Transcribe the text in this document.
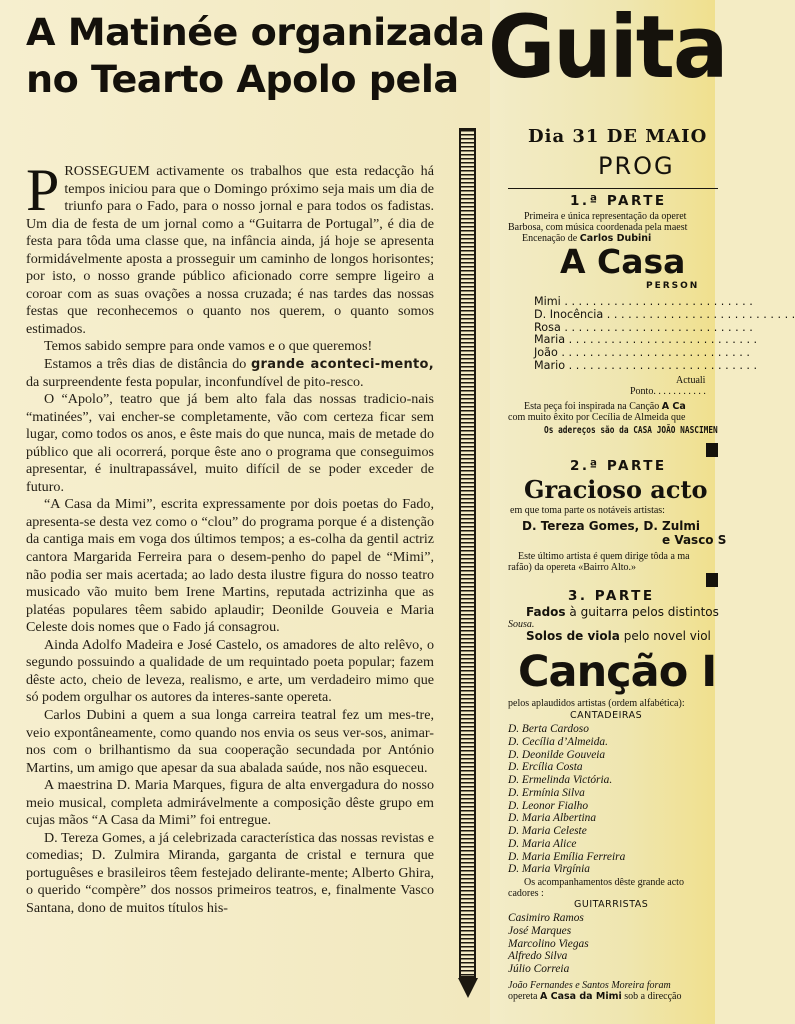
A Matinée organizada
no Tearto Apolo pela

PROSSEGUEM activamente os trabalhos que esta redacção há tempos iniciou para que o Domingo próximo seja mais um dia de triunfo para o Fado, para o nosso jornal e para todos os fadistas. Um dia de festa de um jornal como a “Guitarra de Portugal”, é dia de festa para tôda uma classe que, na infância ainda, já hoje se apresenta formidávelmente aposta a prosseguir um caminho de longos horisontes; por isto, o nosso grande público aficionado corre sempre ligeiro a coroar com as suas ovações a nossa cruzada; é nas tardes das nossas festas que reconhecemos o quanto nos querem, o quanto somos estimados.

Temos sabido sempre para onde vamos e o que queremos!

Estamos a três dias de distância do grande aconteci-mento, da surpreendente festa popular, inconfundível de pito-resco.

O “Apolo”, teatro que já bem alto fala das nossas tradicio-nais “matinées”, vai encher-se completamente, vão com certeza ficar sem lugar, como todos os anos, e êste mais do que nunca, mais de metade do público que ali ocorrerá, porque êste ano o programa que conseguimos apresentar, é inultrapassável, muito difícil de se poder exceder de futuro.

“A Casa da Mimi”, escrita expressamente por dois poetas do Fado, apresenta-se desta vez como o “clou” do programa porque é a distenção da cantiga mais em voga dos últimos tempos; a es-colha da gentil actriz cantora Margarida Ferreira para o desem-penho do papel de “Mimi”, não podia ser mais acertada; ao lado desta ilustre figura do nosso teatro musicado vão muito bem Irene Martins, reputada actrizinha que as platéas populares têem sabido aplaudir; Deonilde Gouveia e Maria Celeste dois nomes que o Fado já consagrou.

Ainda Adolfo Madeira e José Castelo, os amadores de alto relêvo, o segundo possuindo a qualidade de um requintado poeta popular; fazem dêste acto, cheio de leveza, realismo, e arte, um verdadeiro mimo que só podem orgulhar os autores da interes-sante opereta.

Carlos Dubini a quem a sua longa carreira teatral fez um mes-tre, veio expontâneamente, como quando nos envia os seus ver-sos, animar-nos com o brilhantismo da sua cooperação secundada por António Martins, um amigo que apesar da sua abalada saúde, nos não esqueceu.

A maestrina D. Maria Marques, figura de alta envergadura do nosso meio musical, completa admirávelmente a composição dêste grupo em cujas mãos “A Casa da Mimi” foi entregue.

D. Tereza Gomes, a já celebrizada característica das nossas revistas e comedias; D. Zulmira Miranda, garganta de cristal e ternura que portuguêses e brasileiros têem festejado delirante-mente; Alberto Ghira, o querido “compère” dos nossos primeiros teatros, e, finalmente Vasco Santana, dono de muitos títulos his-

Guita
Dia 31 DE MAIO
PROG
1.ª PARTE
Primeira e única representação da operet
Barbosa, com música coordenada pela maest
Encenação de Carlos Dubini
A Casa
PERSON
Mimi . . .
D. Inocência . . .
Rosa . . .
Maria . . .
João . . .
Mario . . .
Actuali
Ponto. . . . . . . . . . .
Esta peça foi inspirada na Canção A Ca
com muito êxito por Cecília de Almeida que
Os adereços são da CASA JOÃO NASCIMEN
2.ª PARTE
Gracioso acto
em que toma parte os notáveis artistas:
D. Tereza Gomes, D. Zulmi
e Vasco S
Este último artista é quem dirige tôda a ma
rafão) da opereta «Bairro Alto.»
3. PARTE
Fados à guitarra pelos distintos
Sousa.
Solos de viola pelo novel viol
Canção I
pelos aplaudidos artistas (ordem alfabética):
CANTADEIRAS
D. Berta Cardoso
D. Cecília d’Almeida.
D. Deonilde Gouveia
D. Ercília Costa
D. Ermelinda Victória.
D. Ermínia Silva
D. Leonor Fialho
D. Maria Albertina
D. Maria Celeste
D. Maria Alice
D. Maria Emília Ferreira
D. Maria Virgínia
Os acompanhamentos dêste grande acto
cadores :
GUITARRISTAS
Casimiro Ramos
José Marques
Marcolino Viegas
Alfredo Silva
Júlio Correia
João Fernandes e Santos Moreira foram
opereta A Casa da Mimi sob a direcção
